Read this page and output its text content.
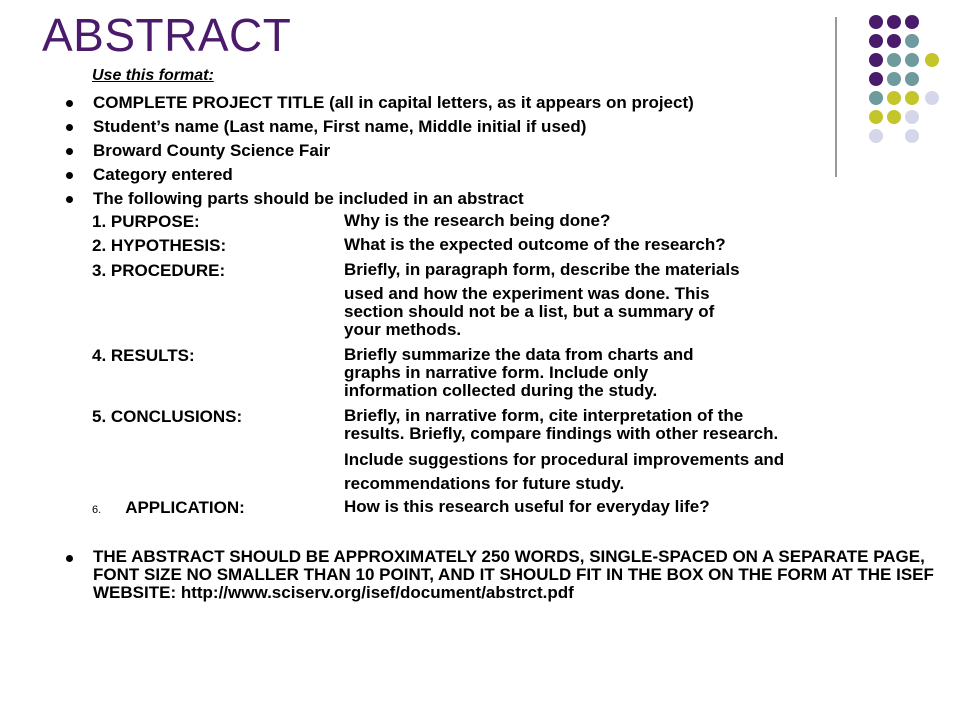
ABSTRACT
Use this format:
COMPLETE PROJECT TITLE (all in capital letters, as it appears on project)
Student’s name (Last name, First name, Middle initial if used)
Broward County Science Fair
Category entered
The following parts should be included in an abstract
1. PURPOSE:	Why is the research being done?
2. HYPOTHESIS:	What is the expected outcome of the research?
3. PROCEDURE:	Briefly, in paragraph form, describe the materials
used and how the experiment was done. This
section should not be a list, but a summary of
your methods.
4. RESULTS:	Briefly summarize the data from charts and
graphs in narrative form. Include only
information collected during the study.
5. CONCLUSIONS:	Briefly, in narrative form, cite interpretation of the
results. Briefly, compare findings with other research.
Include suggestions for procedural improvements and
recommendations for future study.
6. APPLICATION:	How is this research useful for everyday life?
THE ABSTRACT SHOULD BE APPROXIMATELY 250 WORDS, SINGLE-SPACED ON A SEPARATE PAGE, FONT SIZE NO SMALLER THAN 10 POINT, AND IT SHOULD FIT IN THE BOX ON THE FORM AT THE ISEF WEBSITE: http://www.sciserv.org/isef/document/abstrct.pdf
